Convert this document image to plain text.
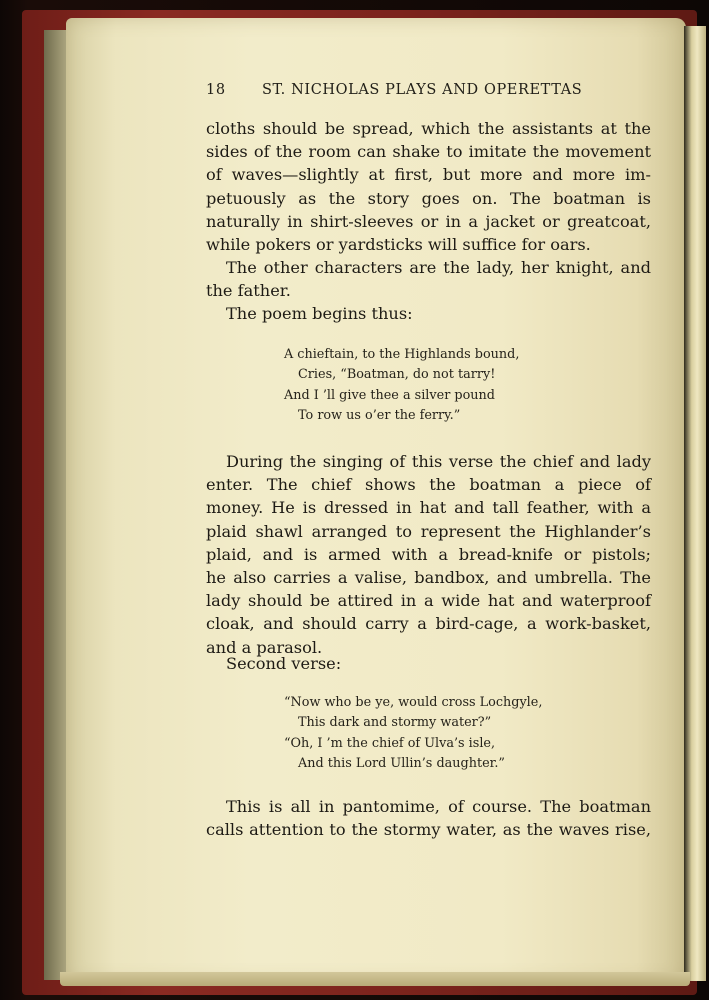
18	ST. NICHOLAS PLAYS AND OPERETTAS
cloths should be spread, which the assistants at the
sides of the room can shake to imitate the movement
of waves—slightly at first, but more and more im-
petuously as the story goes on. The boatman is
naturally in shirt-sleeves or in a jacket or greatcoat,
while pokers or yardsticks will suffice for oars.
The other characters are the lady, her knight, and
the father.
The poem begins thus:
A chieftain, to the Highlands bound,
Cries, “Boatman, do not tarry!
And I ’ll give thee a silver pound
To row us o’er the ferry.”
During the singing of this verse the chief and lady
enter. The chief shows the boatman a piece of
money. He is dressed in hat and tall feather, with a
plaid shawl arranged to represent the Highlander’s
plaid, and is armed with a bread-knife or pistols;
he also carries a valise, bandbox, and umbrella. The
lady should be attired in a wide hat and waterproof
cloak, and should carry a bird-cage, a work-basket,
and a parasol.
Second verse:
“Now who be ye, would cross Lochgyle,
This dark and stormy water?”
“Oh, I ’m the chief of Ulva’s isle,
And this Lord Ullin’s daughter.”
This is all in pantomime, of course. The boatman
calls attention to the stormy water, as the waves rise,
